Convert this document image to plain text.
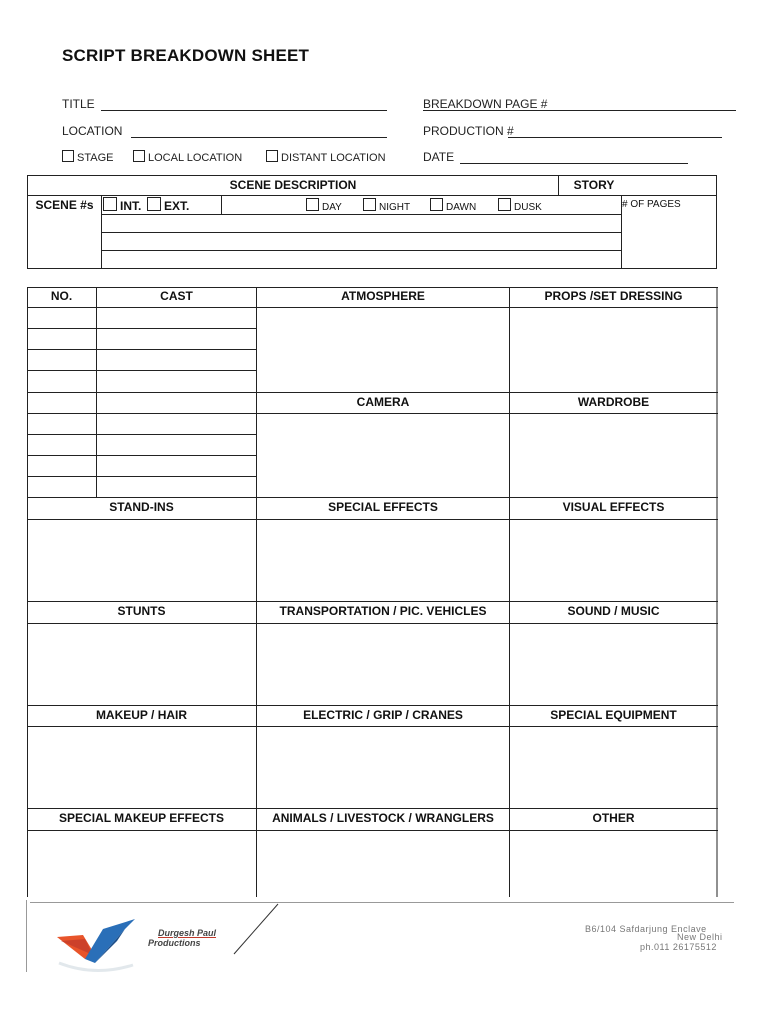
SCRIPT BREAKDOWN SHEET
TITLE	BREAKDOWN PAGE #
LOCATION	PRODUCTION #
STAGE	LOCAL LOCATION	DISTANT LOCATION	DATE
SCENE DESCRIPTION	STORY
SCENE #s	INT.	EXT.	DAY	NIGHT	DAWN	DUSK	# OF PAGES
NO.	CAST	ATMOSPHERE	PROPS /SET DRESSING
CAMERA	WARDROBE
STAND-INS	SPECIAL EFFECTS	VISUAL EFFECTS
STUNTS	TRANSPORTATION / PIC. VEHICLES	SOUND / MUSIC
MAKEUP / HAIR	ELECTRIC / GRIP / CRANES	SPECIAL EQUIPMENT
SPECIAL MAKEUP EFFECTS	ANIMALS / LIVESTOCK / WRANGLERS	OTHER
Durgesh Paul
Productions
B6/104 Safdarjung Enclave
New Delhi
ph.011 26175512
